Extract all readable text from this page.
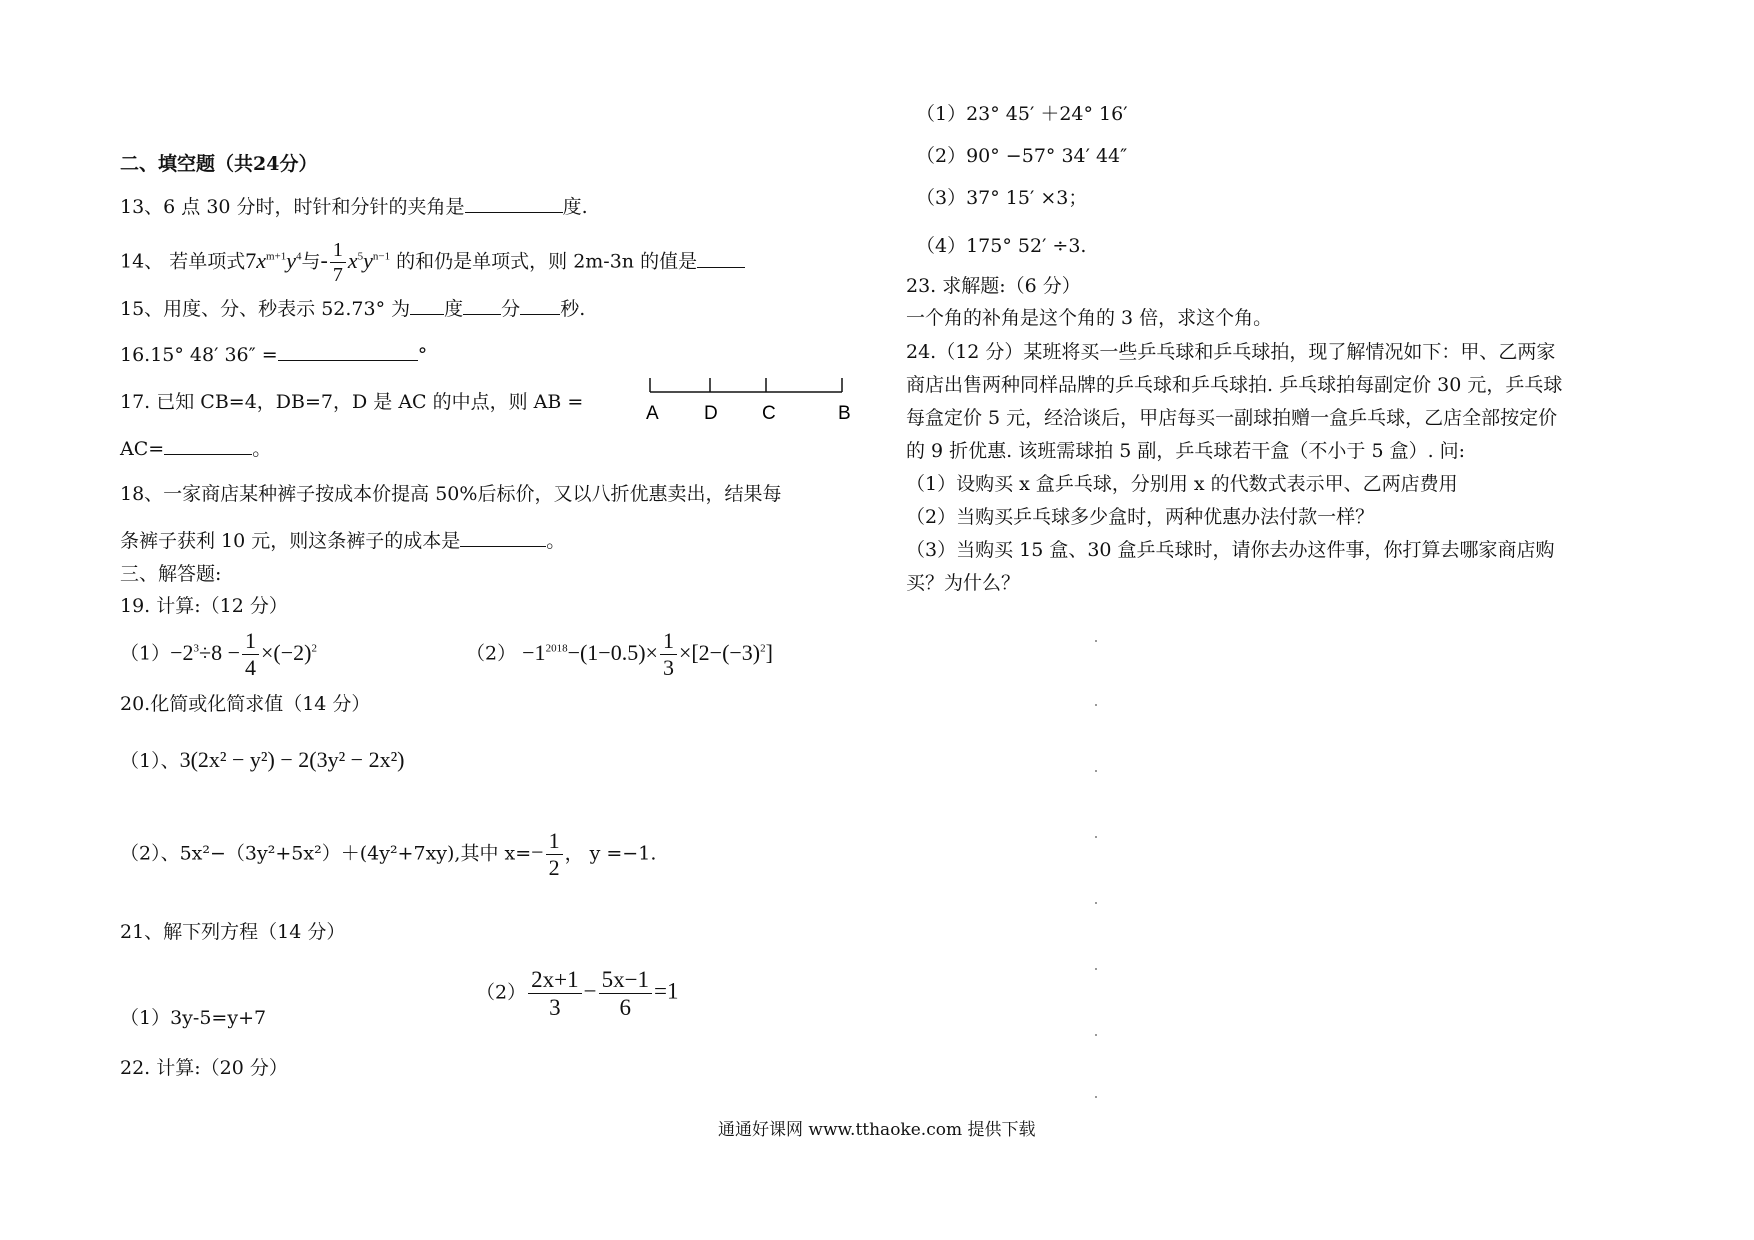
二、填空题（共24分）
13、6 点 30 分时，时针和分针的夹角是	度.
14、 若单项式$7x^{m+1}y^4$与- $\frac{1}{7} x^5y^{n-1}$ 的和仍是单项式，则 2m-3n 的值是
15、用度、分、秒表示 52.73° 为 度 分 秒.
16.15° 48′ 36″ =	°
17. 已知 CB=4，DB=7，D 是 AC 的中点，则 AB =
A D C	B
AC=	。
18、一家商店某种裤子按成本价提高 50%后标价，又以八折优惠卖出，结果每
条裤子获利 10 元，则这条裤子的成本是	。
三、解答题:
19. 计算:（12 分）
$(1)-2^3\div 8 - \frac{1}{4} \times(-2)^2$	$(2) -1^{2018}-(1-0.5)\times \frac{1}{3} \times[2-(-3)^2]$
20.化简或化简求值（14 分）
（1）、3(2x² − y²) − 2(3y² − 2x²)
（2）、5x²−（3y²+5x²）＋(4y²+7xy),其中 $x=- \frac{1}{2}$ ， y =−1.
21、解下列方程（14 分）
（1）3y-5=y+7
$(2) \frac{2x+1}{3} - \frac{5x-1}{6} =1$
22. 计算:（20 分）
（1）23° 45′ ＋24° 16′
（2）90° −57° 34′ 44″
（3）37° 15′ ×3；
（4）175° 52′ ÷3.
23. 求解题:（6 分）
一个角的补角是这个角的 3 倍，求这个角。
24.（12 分）某班将买一些乒乓球和乒乓球拍，现了解情况如下：甲、乙两家
商店出售两种同样品牌的乒乓球和乒乓球拍. 乒乓球拍每副定价 30 元，乒乓球
每盒定价 5 元，经洽谈后，甲店每买一副球拍赠一盒乒乓球，乙店全部按定价
的 9 折优惠. 该班需球拍 5 副，乒乓球若干盒（不小于 5 盒）. 问:
（1）设购买 x 盒乒乓球，分别用 x 的代数式表示甲、乙两店费用
（2）当购买乒乓球多少盒时，两种优惠办法付款一样？
（3）当购买 15 盒、30 盒乒乓球时，请你去办这件事，你打算去哪家商店购
买？为什么？
通通好课网 www.tthaoke.com 提供下载
